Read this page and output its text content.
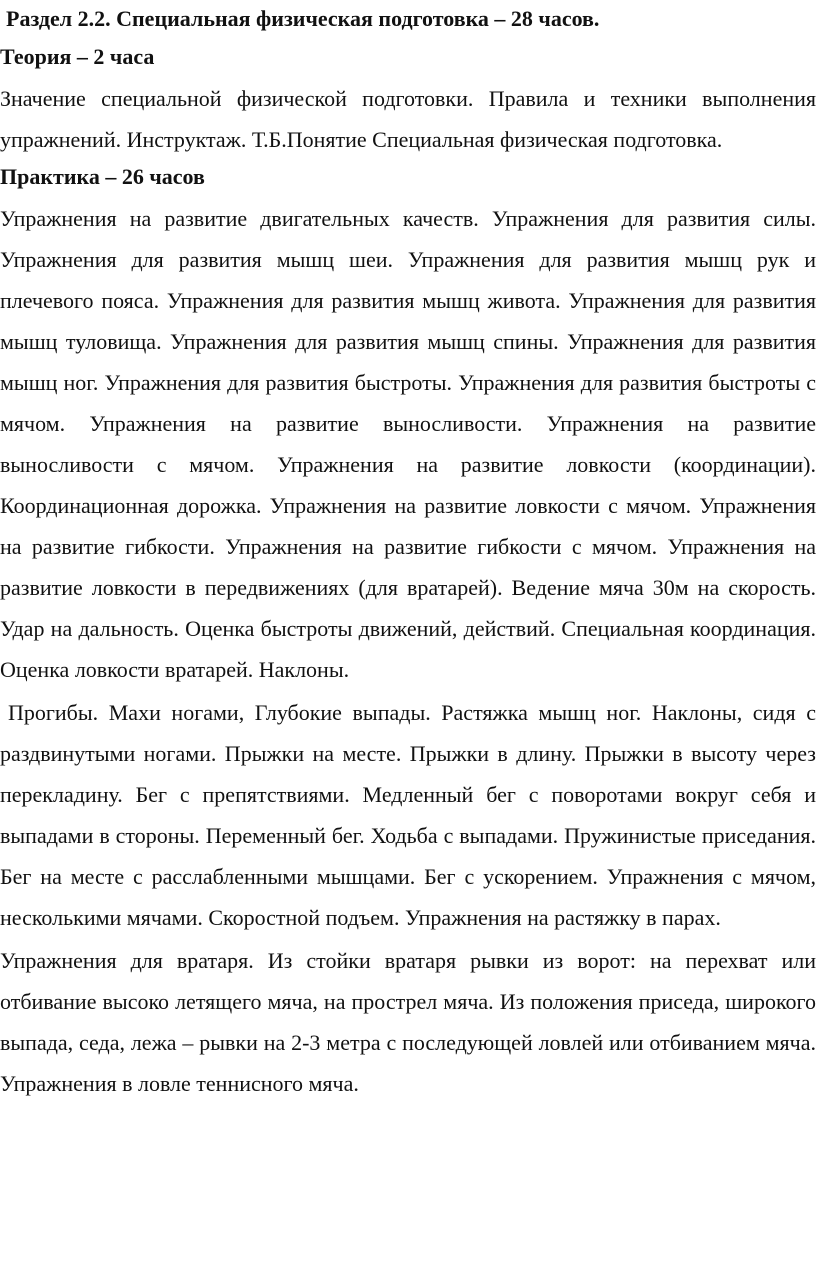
Раздел 2.2. Специальная физическая подготовка – 28 часов.

Теория – 2 часа

Значение специальной физической подготовки. Правила и техники выполнения упражнений. Инструктаж. Т.Б.Понятие Специальная физическая подготовка.

Практика – 26 часов

Упражнения на развитие двигательных качеств. Упражнения для развития силы. Упражнения для развития мышц шеи. Упражнения для развития мышц рук и плечевого пояса. Упражнения для развития мышц живота. Упражнения для развития мышц туловища. Упражнения для развития мышц спины. Упражнения для развития мышц ног. Упражнения для развития быстроты. Упражнения для развития быстроты с мячом. Упражнения на развитие выносливости. Упражнения на развитие выносливости с мячом. Упражнения на развитие ловкости (координации). Координационная дорожка. Упражнения на развитие ловкости с мячом. Упражнения на развитие гибкости. Упражнения на развитие гибкости с мячом. Упражнения на развитие ловкости в передвижениях (для вратарей). Ведение мяча 30м на скорость. Удар на дальность. Оценка быстроты движений, действий. Специальная координация. Оценка ловкости вратарей. Наклоны.

Прогибы. Махи ногами, Глубокие выпады. Растяжка мышц ног. Наклоны, сидя с раздвинутыми ногами. Прыжки на месте. Прыжки в длину. Прыжки в высоту через перекладину. Бег с препятствиями. Медленный бег с поворотами вокруг себя и выпадами в стороны. Переменный бег. Ходьба с выпадами. Пружинистые приседания. Бег на месте с расслабленными мышцами. Бег с ускорением. Упражнения с мячом, несколькими мячами. Скоростной подъем. Упражнения на растяжку в парах.

Упражнения для вратаря. Из стойки вратаря рывки из ворот: на перехват или отбивание высоко летящего мяча, на прострел мяча. Из положения приседа, широкого выпада, седа, лежа – рывки на 2-3 метра с последующей ловлей или отбиванием мяча. Упражнения в ловле теннисного мяча.
